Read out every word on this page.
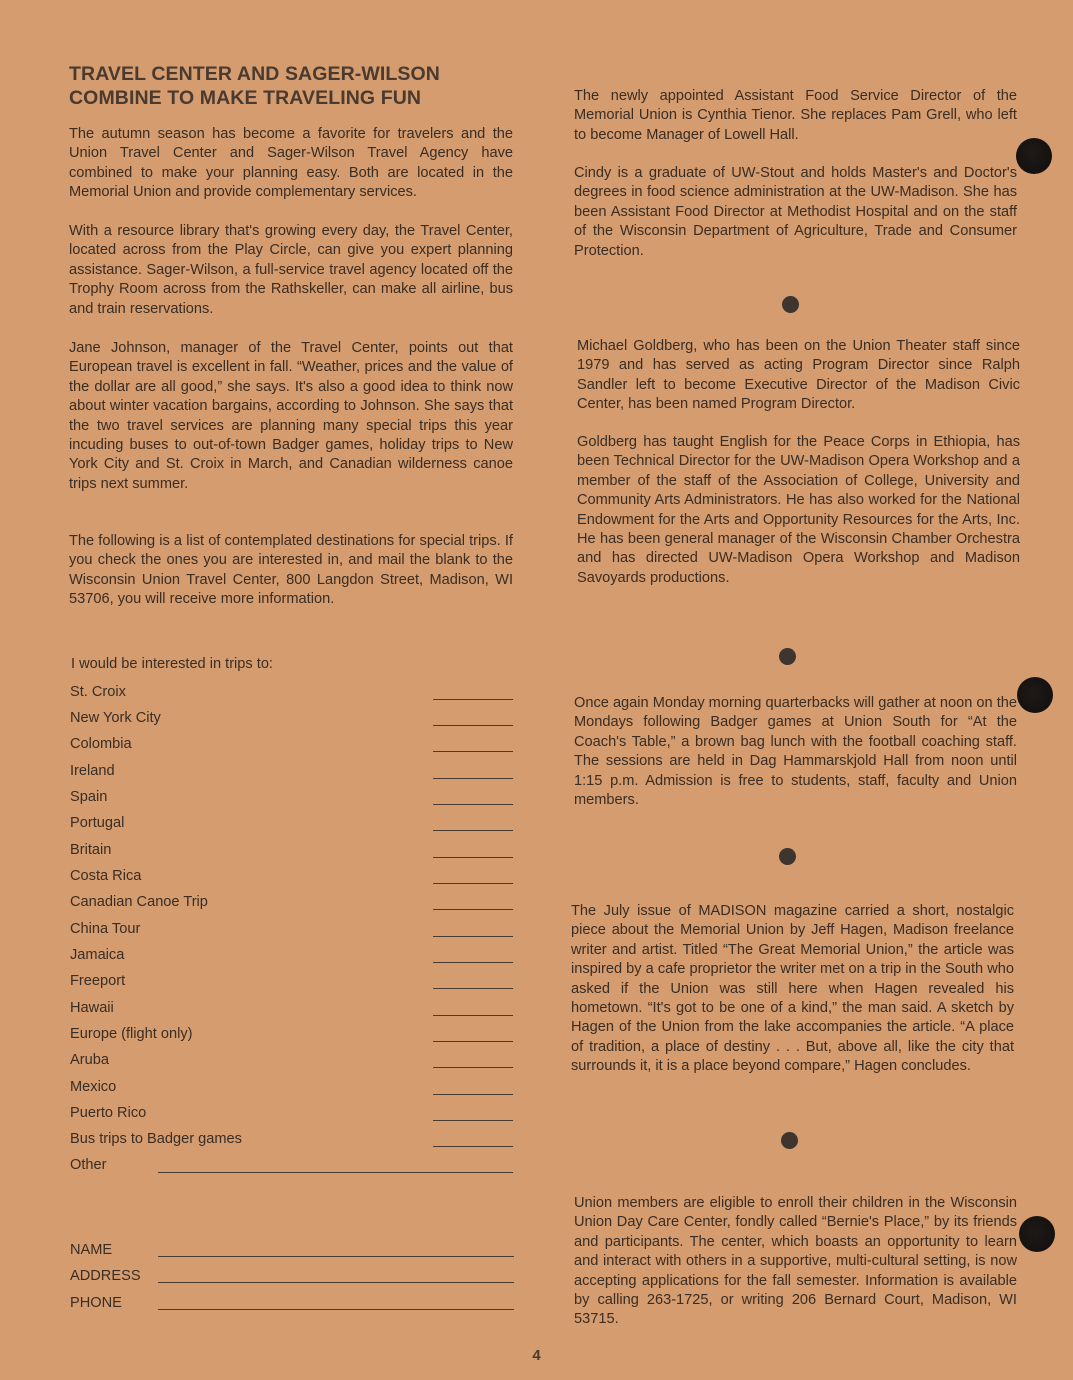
TRAVEL CENTER AND SAGER-WILSON COMBINE TO MAKE TRAVELING FUN

The autumn season has become a favorite for travelers and the Union Travel Center and Sager-Wilson Travel Agency have combined to make your planning easy. Both are located in the Memorial Union and provide complementary services.

With a resource library that's growing every day, the Travel Center, located across from the Play Circle, can give you expert planning assistance. Sager-Wilson, a full-service travel agency located off the Trophy Room across from the Rathskeller, can make all airline, bus and train reservations.

Jane Johnson, manager of the Travel Center, points out that European travel is excellent in fall. “Weather, prices and the value of the dollar are all good,” she says. It's also a good idea to think now about winter vacation bargains, according to Johnson. She says that the two travel services are planning many special trips this year incuding buses to out-of-town Badger games, holiday trips to New York City and St. Croix in March, and Canadian wilderness canoe trips next summer.

The following is a list of contemplated destinations for special trips. If you check the ones you are interested in, and mail the blank to the Wisconsin Union Travel Center, 800 Langdon Street, Madison, WI 53706, you will receive more information.

I would be interested in trips to:
St. Croix
New York City
Colombia
Ireland
Spain
Portugal
Britain
Costa Rica
Canadian Canoe Trip
China Tour
Jamaica
Freeport
Hawaii
Europe (flight only)
Aruba
Mexico
Puerto Rico
Bus trips to Badger games
Other
NAME
ADDRESS
PHONE

The newly appointed Assistant Food Service Director of the Memorial Union is Cynthia Tienor. She replaces Pam Grell, who left to become Manager of Lowell Hall.

Cindy is a graduate of UW-Stout and holds Master's and Doctor's degrees in food science administration at the UW-Madison. She has been Assistant Food Director at Methodist Hospital and on the staff of the Wisconsin Department of Agriculture, Trade and Consumer Protection.

Michael Goldberg, who has been on the Union Theater staff since 1979 and has served as acting Program Director since Ralph Sandler left to become Executive Director of the Madison Civic Center, has been named Program Director.

Goldberg has taught English for the Peace Corps in Ethiopia, has been Technical Director for the UW-Madison Opera Workshop and a member of the staff of the Association of College, University and Community Arts Administrators. He has also worked for the National Endowment for the Arts and Opportunity Resources for the Arts, Inc. He has been general manager of the Wisconsin Chamber Orchestra and has directed UW-Madison Opera Workshop and Madison Savoyards productions.

Once again Monday morning quarterbacks will gather at noon on the Mondays following Badger games at Union South for “At the Coach's Table,” a brown bag lunch with the football coaching staff. The sessions are held in Dag Hammarskjold Hall from noon until 1:15 p.m. Admission is free to students, staff, faculty and Union members.

The July issue of MADISON magazine carried a short, nostalgic piece about the Memorial Union by Jeff Hagen, Madison freelance writer and artist. Titled “The Great Memorial Union,” the article was inspired by a cafe proprietor the writer met on a trip in the South who asked if the Union was still here when Hagen revealed his hometown. “It's got to be one of a kind,” the man said. A sketch by Hagen of the Union from the lake accompanies the article. “A place of tradition, a place of destiny . . . But, above all, like the city that surrounds it, it is a place beyond compare,” Hagen concludes.

Union members are eligible to enroll their children in the Wisconsin Union Day Care Center, fondly called “Bernie's Place,” by its friends and participants. The center, which boasts an opportunity to learn and interact with others in a supportive, multi-cultural setting, is now accepting applications for the fall semester. Information is available by calling 263-1725, or writing 206 Bernard Court, Madison, WI 53715.

4
